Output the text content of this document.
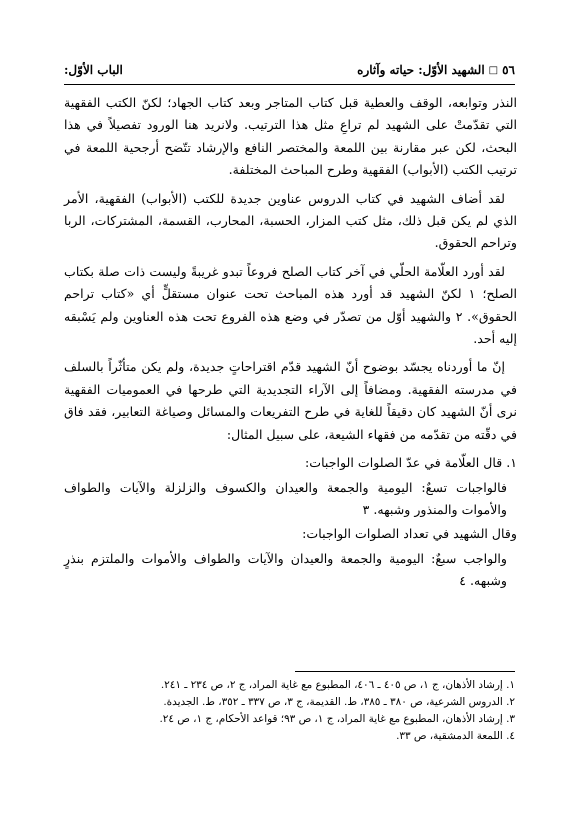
٥٦
□
الشهيد الأوّل: حياته وآثاره
الباب الأوّل:

النذر وتوابعه، الوقف والعطية قبل كتاب المتاجر وبعد كتاب الجهاد؛ لكنّ الكتب الفقهية التي تقدّمتْ على الشهيد لم تراعِ مثل هذا الترتيب. ولانريد هنا الورود تفصيلاً في هذا البحث، لكن عبر مقارنة بين اللمعة والمختصر النافع والإرشاد تتّضح أرجحية اللمعة في ترتيب الكتب (الأبواب) الفقهية وطرح المباحث المختلفة.

لقد أضاف الشهيد في كتاب الدروس عناوين جديدة للكتب (الأبواب) الفقهية، الأمر الذي لم يكن قبل ذلك، مثل كتب المزار، الحسبة، المحارب، القسمة، المشتركات، الربا وتراحم الحقوق.

لقد أورد العلّامة الحلّي في آخر كتاب الصلح فروعاً تبدو غريبةً وليست ذات صلة بكتاب الصلح؛ ١ لكنّ الشهيد قد أورد هذه المباحث تحت عنوان مستقلٍّ أي «كتاب تراحم الحقوق». ٢ والشهيد أوّل من تصدّر في وضع هذه الفروع تحت هذه العناوين ولم يَسْبقه إليه أحد.

إنّ ما أوردناه يجسّد بوضوح أنّ الشهيد قدّم اقتراحاتٍ جديدة، ولم يكن متأثّراً بالسلف في مدرسته الفقهية. ومضافاً إلى الآراء التجديدية التي طرحها في العموميات الفقهية نرى أنّ الشهيد كان دقيقاً للغاية في طرح التفريعات والمسائل وصياغة التعابير، فقد فاق في دقّته من تقدّمه من فقهاء الشيعة، على سبيل المثال:

١. قال العلّامة في عدّ الصلوات الواجبات:
فالواجبات تسعٌ: اليومية والجمعة والعيدان والكسوف والزلزلة والآيات والطواف والأموات والمنذور وشبهه. ٣
وقال الشهيد في تعداد الصلوات الواجبات:
والواجب سبعٌ: اليومية والجمعة والعيدان والآيات والطواف والأموات والملتزم بنذرٍ وشبهه. ٤
١. إرشاد الأذهان، ج ١، ص ٤٠٥ ـ ٤٠٦، المطبوع مع غاية المراد، ج ٢، ص ٢٣٤ ـ ٢٤١.
٢. الدروس الشرعية، ص ٣٨٠ ـ ٣٨٥، ط. القديمة، ج ٣، ص ٣٣٧ ـ ٣٥٢، ط. الجديدة.
٣. إرشاد الأذهان، المطبوع مع غاية المراد، ج ١، ص ٩٣؛ قواعد الأحكام، ج ١، ص ٢٤.
٤. اللمعة الدمشقية، ص ٣٣.
